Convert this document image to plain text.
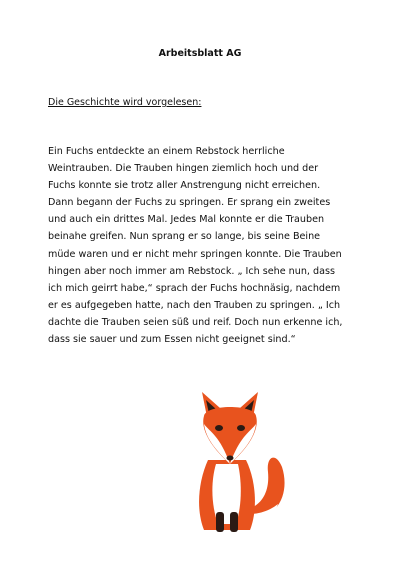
Arbeitsblatt AG
Die Geschichte wird vorgelesen:
Ein Fuchs entdeckte an einem Rebstock herrliche
Weintrauben. Die Trauben hingen ziemlich hoch und der
Fuchs konnte sie trotz aller Anstrengung nicht erreichen.
Dann begann der Fuchs zu springen. Er sprang ein zweites
und auch ein drittes Mal. Jedes Mal konnte er die Trauben
beinahe greifen. Nun sprang er so lange, bis seine Beine
müde waren und er nicht mehr springen konnte. Die Trauben
hingen aber noch immer am Rebstock. „ Ich sehe nun, dass
ich mich geirrt habe,“ sprach der Fuchs hochnäsig, nachdem
er es aufgegeben hatte, nach den Trauben zu springen. „ Ich
dachte die Trauben seien süß und reif. Doch nun erkenne ich,
dass sie sauer und zum Essen nicht geeignet sind.“
